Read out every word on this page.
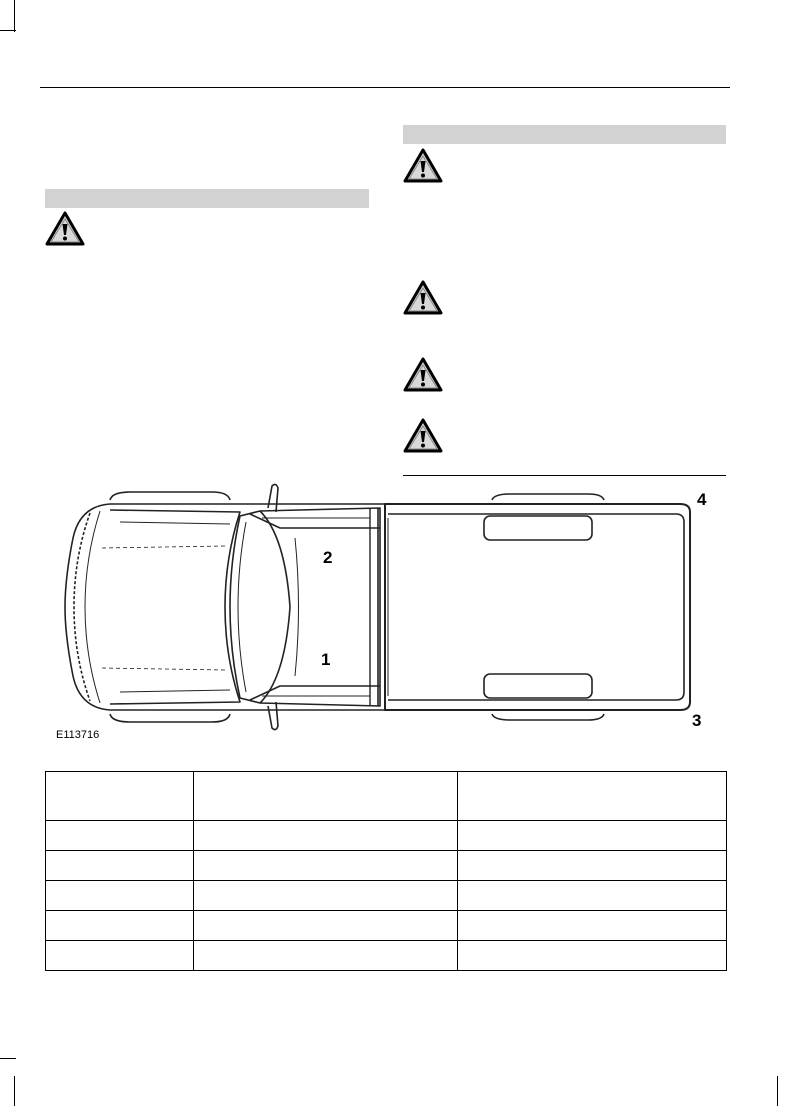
2
1
4
3
E113716
